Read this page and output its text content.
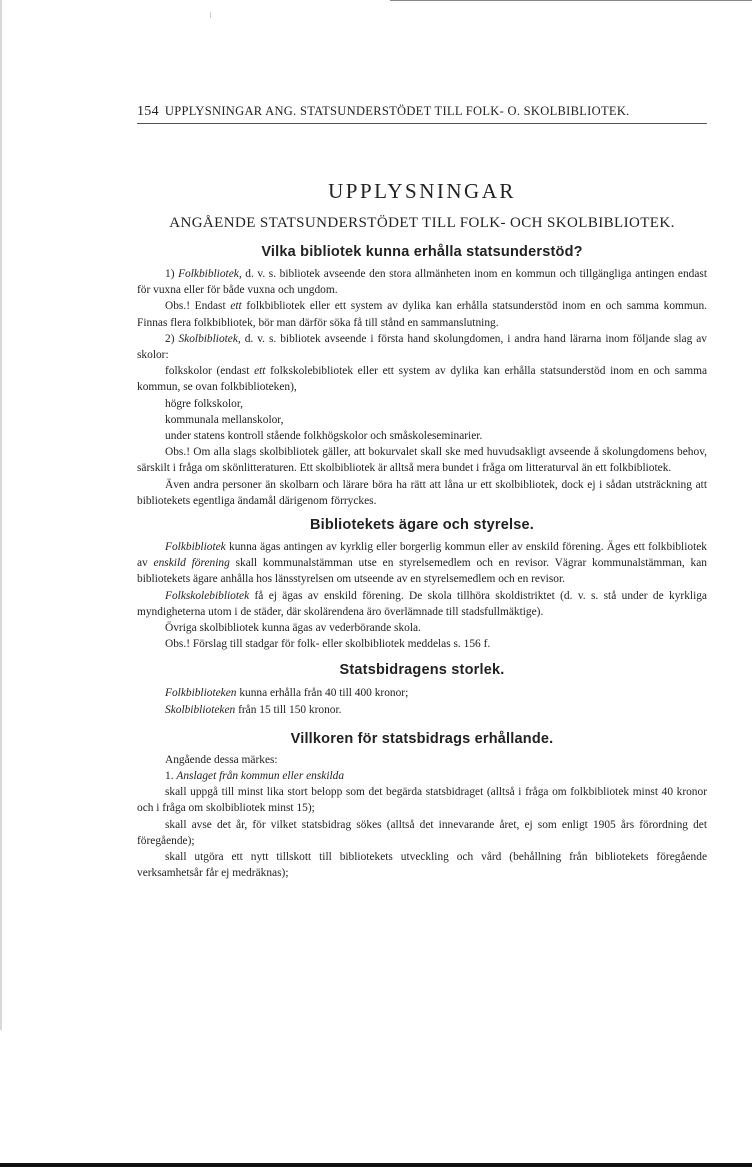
154 UPPLYSNINGAR ANG. STATSUNDERSTÖDET TILL FOLK- O. SKOLBIBLIOTEK.
UPPLYSNINGAR
ANGÅENDE STATSUNDERSTÖDET TILL FOLK- OCH SKOLBIBLIOTEK.
Vilka bibliotek kunna erhålla statsunderstöd?

1) Folkbibliotek, d. v. s. bibliotek avseende den stora allmänheten inom en kommun och tillgängliga antingen endast för vuxna eller för både vuxna och ungdom.

Obs.! Endast ett folkbibliotek eller ett system av dylika kan erhålla statsunderstöd inom en och samma kommun. Finnas flera folkbibliotek, bör man därför söka få till stånd en sammanslutning.

2) Skolbibliotek, d. v. s. bibliotek avseende i första hand skolungdomen, i andra hand lärarna inom följande slag av skolor:

folkskolor (endast ett folkskolebibliotek eller ett system av dylika kan erhålla statsunderstöd inom en och samma kommun, se ovan folkbiblioteken),

högre folkskolor,

kommunala mellanskolor,

under statens kontroll stående folkhögskolor och småskoleseminarier.

Obs.! Om alla slags skolbibliotek gäller, att bokurvalet skall ske med huvudsakligt avseende å skolungdomens behov, särskilt i fråga om skönlitteraturen. Ett skolbibliotek är alltså mera bundet i fråga om litteraturval än ett folkbibliotek.

Även andra personer än skolbarn och lärare böra ha rätt att låna ur ett skolbibliotek, dock ej i sådan utsträckning att bibliotekets egentliga ändamål därigenom förryckes.

Bibliotekets ägare och styrelse.

Folkbibliotek kunna ägas antingen av kyrklig eller borgerlig kommun eller av enskild förening. Äges ett folkbibliotek av enskild förening skall kommunalstämman utse en styrelsemedlem och en revisor. Vägrar kommunalstämman, kan bibliotekets ägare anhålla hos länsstyrelsen om utseende av en styrelsemedlem och en revisor.

Folkskolebibliotek få ej ägas av enskild förening. De skola tillhöra skoldistriktet (d. v. s. stå under de kyrkliga myndigheterna utom i de städer, där skolärendena äro överlämnade till stadsfullmäktige).

Övriga skolbibliotek kunna ägas av vederbörande skola.

Obs.! Förslag till stadgar för folk- eller skolbibliotek meddelas s. 156 f.

Statsbidragens storlek.

Folkbiblioteken kunna erhålla från 40 till 400 kronor;

Skolbiblioteken från 15 till 150 kronor.

Villkoren för statsbidrags erhållande.

Angående dessa märkes:

1. Anslaget från kommun eller enskilda

skall uppgå till minst lika stort belopp som det begärda statsbidraget (alltså i fråga om folkbibliotek minst 40 kronor och i fråga om skolbibliotek minst 15);

skall avse det år, för vilket statsbidrag sökes (alltså det innevarande året, ej som enligt 1905 års förordning det föregående);

skall utgöra ett nytt tillskott till bibliotekets utveckling och vård (behållning från bibliotekets föregående verksamhetsår får ej medräknas);
